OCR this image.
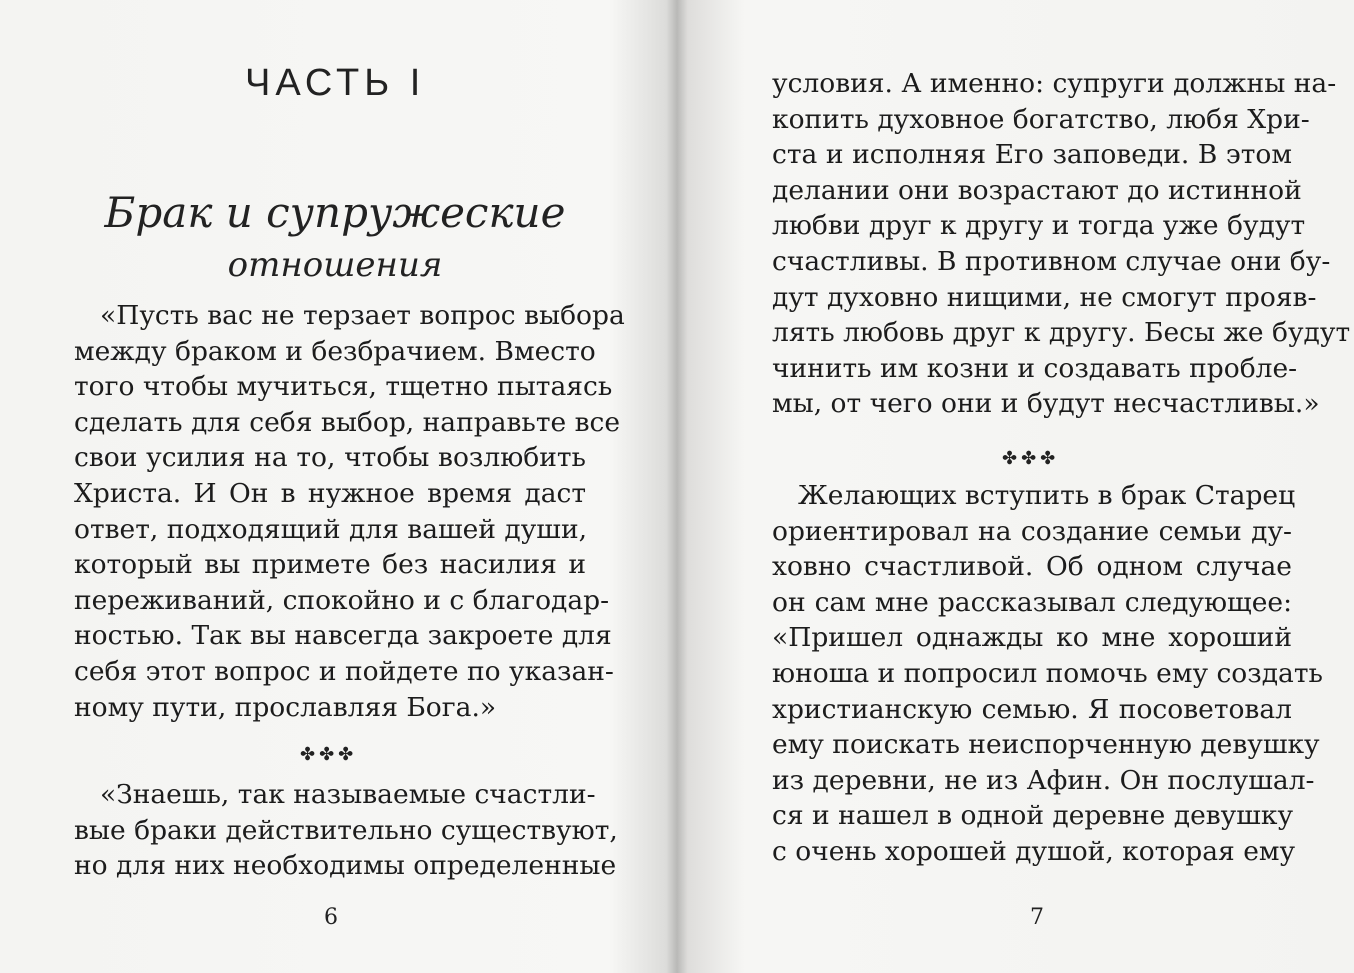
ЧАСТЬ I
Брак и супружеские
отношения
«Пусть вас не терзает вопрос выбора
между браком и безбрачием. Вместо
того чтобы мучиться, тщетно пытаясь
сделать для себя выбор, направьте все
свои усилия на то, чтобы возлюбить
Христа. И Он в нужное время даст
ответ, подходящий для вашей души,
который вы примете без насилия и
переживаний, спокойно и с благодар-
ностью. Так вы навсегда закроете для
себя этот вопрос и пойдете по указан-
ному пути, прославляя Бога.»
✤✤✤
«Знаешь, так называемые счастли-
вые браки действительно существуют,
но для них необходимы определенные
6
условия. А именно: супруги должны на-
копить духовное богатство, любя Хри-
ста и исполняя Его заповеди. В этом
делании они возрастают до истинной
любви друг к другу и тогда уже будут
счастливы. В противном случае они бу-
дут духовно нищими, не смогут прояв-
лять любовь друг к другу. Бесы же будут
чинить им козни и создавать пробле-
мы, от чего они и будут несчастливы.»
✤✤✤
Желающих вступить в брак Старец
ориентировал на создание семьи ду-
ховно счастливой. Об одном случае
он сам мне рассказывал следующее:
«Пришел однажды ко мне хороший
юноша и попросил помочь ему создать
христианскую семью. Я посоветовал
ему поискать неиспорченную девушку
из деревни, не из Афин. Он послушал-
ся и нашел в одной деревне девушку
с очень хорошей душой, которая ему
7
